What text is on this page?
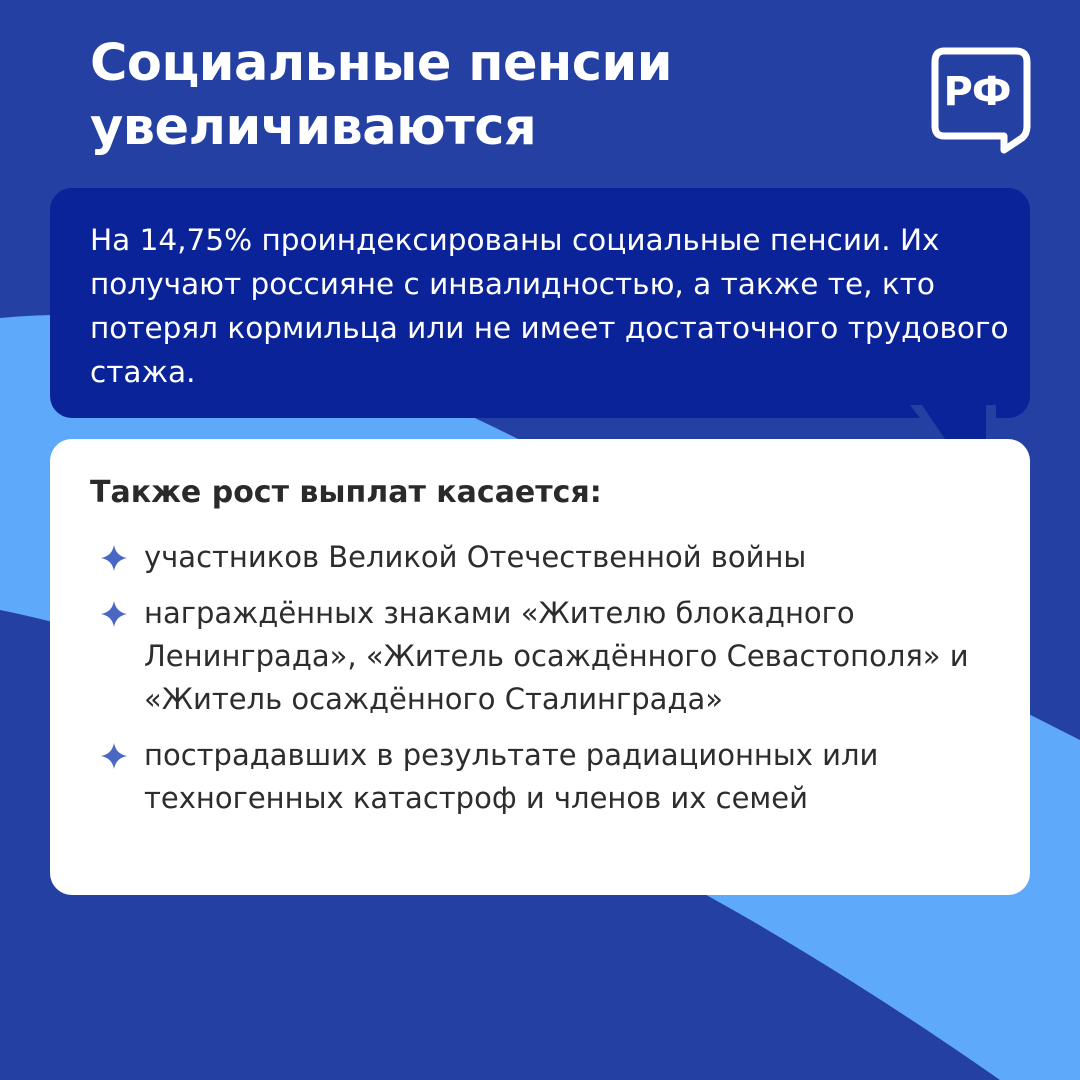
Социальные пенсии
увеличиваются
РФ

На 14,75% проиндексированы социальные пенсии. Их получают россияне с инвалидностью, а также те, кто потерял кормильца или не имеет достаточного трудового стажа.

Также рост выплат касается:
участников Великой Отечественной войны
награждённых знаками «Жителю блокадного Ленинграда», «Житель осаждённого Севастополя» и «Житель осаждённого Сталинграда»
пострадавших в результате радиационных или техногенных катастроф и членов их семей
